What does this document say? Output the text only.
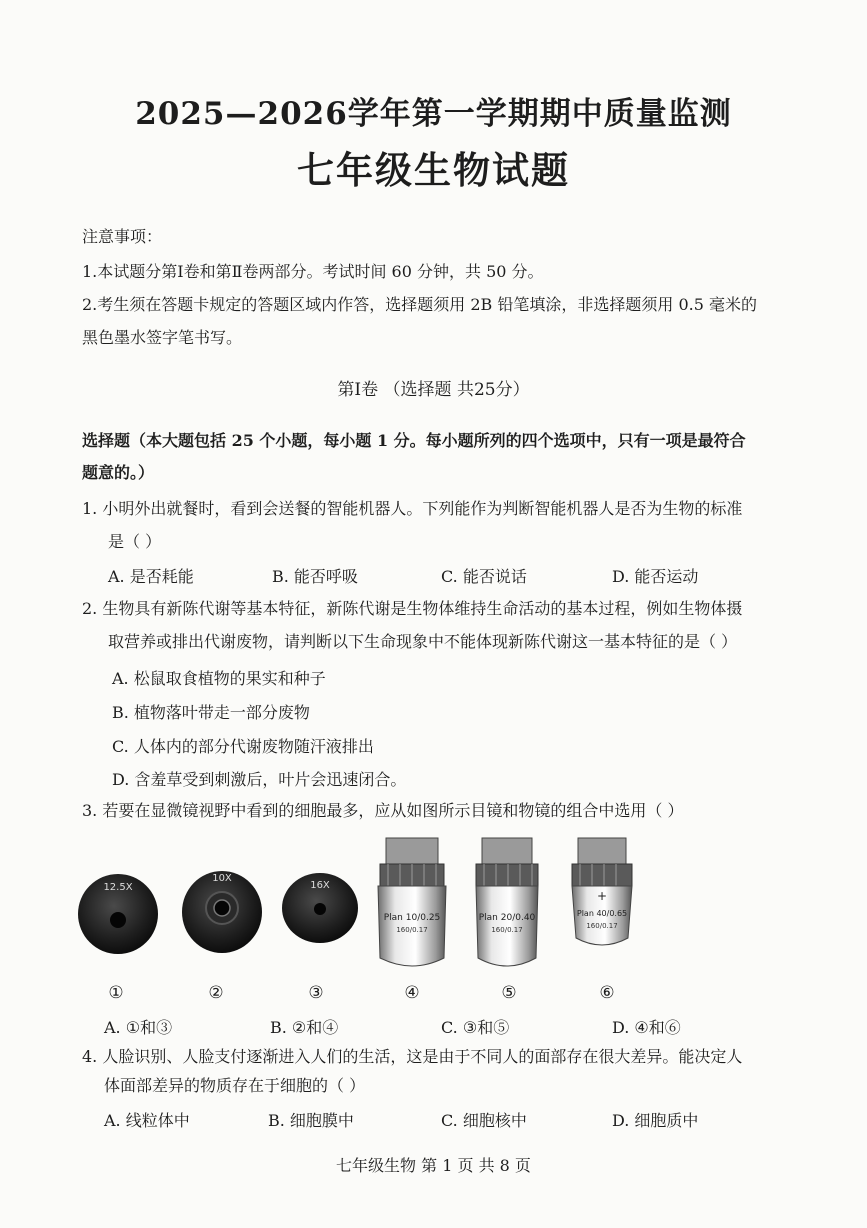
2025—2026学年第一学期期中质量监测
七年级生物试题
注意事项：
1.本试题分第Ⅰ卷和第Ⅱ卷两部分。考试时间 60 分钟，共 50 分。
2.考生须在答题卡规定的答题区域内作答，选择题须用 2B 铅笔填涂，非选择题须用 0.5 毫米的
黑色墨水签字笔书写。
第Ⅰ卷 （选择题 共25分）
选择题（本大题包括 25 个小题，每小题 1 分。每小题所列的四个选项中，只有一项是最符合
题意的。）
1. 小明外出就餐时，看到会送餐的智能机器人。下列能作为判断智能机器人是否为生物的标准
是（ ）
A. 是否耗能	B. 能否呼吸	C. 能否说话	D. 能否运动
2. 生物具有新陈代谢等基本特征，新陈代谢是生物体维持生命活动的基本过程，例如生物体摄
取营养或排出代谢废物，请判断以下生命现象中不能体现新陈代谢这一基本特征的是（ ）
A. 松鼠取食植物的果实和种子
B. 植物落叶带走一部分废物
C. 人体内的部分代谢废物随汗液排出
D. 含羞草受到刺激后，叶片会迅速闭合。
3. 若要在显微镜视野中看到的细胞最多，应从如图所示目镜和物镜的组合中选用（ ）
12.5X
10X
16X
Plan 10/0.25
160/0.17
Plan 20/0.40
160/0.17
+
Plan 40/0.65
160/0.17
①	②	③	④	⑤	⑥
A. ①和③	B. ②和④	C. ③和⑤	D. ④和⑥
4. 人脸识别、人脸支付逐渐进入人们的生活，这是由于不同人的面部存在很大差异。能决定人
体面部差异的物质存在于细胞的（ ）
A. 线粒体中	B. 细胞膜中	C. 细胞核中	D. 细胞质中
七年级生物 第 1 页 共 8 页
